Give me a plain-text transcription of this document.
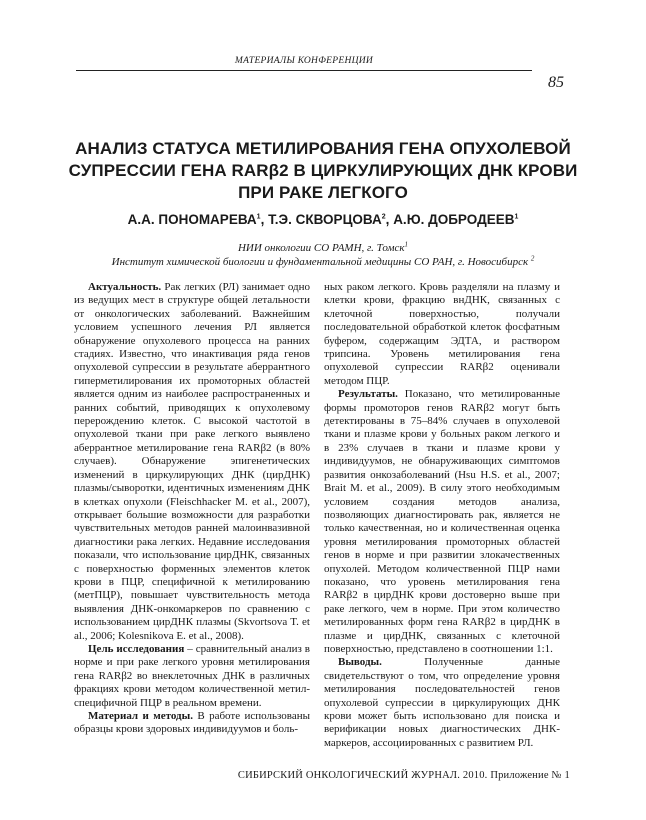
МАТЕРИАЛЫ КОНФЕРЕНЦИИ
85
АНАЛИЗ СТАТУСА МЕТИЛИРОВАНИЯ ГЕНА ОПУХОЛЕВОЙ
СУПРЕССИИ ГЕНА RARβ2 В ЦИРКУЛИРУЮЩИХ ДНК КРОВИ
ПРИ РАКЕ ЛЕГКОГО
А.А. ПОНОМАРЕВА$^1$, Т.Э. СКВОРЦОВА$^2$, А.Ю. ДОБРОДЕЕВ$^1$
НИИ онкологии СО РАМН, г. Томск$^1$
Институт химической биологии и фундаментальной медицины СО РАН, г. Новосибирск $^2$

Актуальность. Рак легких (РЛ) занимает одно из ведущих мест в структуре общей летальности от онкологических заболеваний. Важнейшим условием успешного лечения РЛ является обнаружение опухолевого процесса на ранних стадиях. Известно, что инактивация ряда генов опухолевой супрессии в результате аберрантного гиперметилирования их промоторных областей является одним из наиболее распространенных и ранних событий, приводящих к опухолевому перерождению клеток. С высокой частотой в опухолевой ткани при раке легкого выявлено аберрантное метилирование гена RARβ2 (в 80% случаев). Обнаружение эпигенетических изменений в циркулирующих ДНК (цирДНК) плазмы/сыворотки, идентичных изменениям ДНК в клетках опухоли (Fleischhacker M. et al., 2007), открывает большие возможности для разработки чувствительных методов ранней малоинвазивной диагностики рака легких. Недавние исследования показали, что использование цирДНК, связанных с поверхностью форменных элементов клеток крови в ПЦР, специфичной к метилированию (метПЦР), повышает чувствительность метода выявления ДНК-онкомаркеров по сравнению с использованием цирДНК плазмы (Skvortsova T. et al., 2006; Kolesnikova E. et al., 2008).

Цель исследования – сравнительный анализ в норме и при раке легкого уровня метилирования гена RARβ2 во внеклеточных ДНК в различных фракциях крови методом количественной метил-специфичной ПЦР в реальном времени.

Материал и методы. В работе использованы образцы крови здоровых индивидуумов и боль-

ных раком легкого. Кровь разделяли на плазму и клетки крови, фракцию внДНК, связанных с клеточной поверхностью, получали последовательной обработкой клеток фосфатным буфером, содержащим ЭДТА, и раствором трипсина. Уровень метилирования гена опухолевой супрессии RARβ2 оценивали методом ПЦР.

Результаты. Показано, что метилированные формы промоторов генов RARβ2 могут быть детектированы в 75–84% случаев в опухолевой ткани и плазме крови у больных раком легкого и в 23% случаев в ткани и плазме крови у индивидуумов, не обнаруживающих симптомов развития онкозаболеваний (Hsu H.S. et al., 2007; Brait M. et al., 2009). В силу этого необходимым условием создания методов анализа, позволяющих диагностировать рак, является не только качественная, но и количественная оценка уровня метилирования промоторных областей генов в норме и при развитии злокачественных опухолей. Методом количественной ПЦР нами показано, что уровень метилирования гена RARβ2 в цирДНК крови достоверно выше при раке легкого, чем в норме. При этом количество метилированных форм гена RARβ2 в цирДНК в плазме и цирДНК, связанных с клеточной поверхностью, представлено в соотношении 1:1.

Выводы. Полученные данные свидетельствуют о том, что определение уровня метилирования последовательностей генов опухолевой супрессии в циркулирующих ДНК крови может быть использовано для поиска и верификации новых диагностических ДНК-маркеров, ассоциированных с развитием РЛ.

СИБИРСКИЙ ОНКОЛОГИЧЕСКИЙ ЖУРНАЛ. 2010. Приложение № 1
